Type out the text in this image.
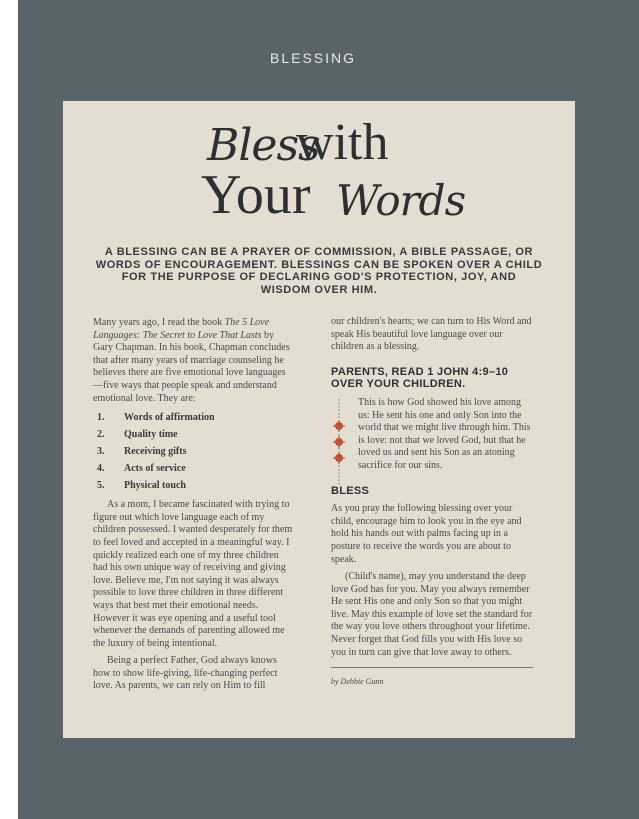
BLESSING
Bless
with
Your Words
A BLESSING CAN BE A PRAYER OF COMMISSION, A BIBLE PASSAGE, OR WORDS OF ENCOURAGEMENT. BLESSINGS CAN BE SPOKEN OVER A CHILD FOR THE PURPOSE OF DECLARING GOD'S PROTECTION, JOY, AND WISDOM OVER HIM.

Many years ago, I read the book The 5 Love Languages: The Secret to Love That Lasts by Gary Chapman. In his book, Chapman concludes that after many years of marriage counseling he believes there are five emotional love languages—five ways that people speak and understand emotional love. They are:

1.	Words of affirmation
2.	Quality time
3.	Receiving gifts
4.	Acts of service
5.	Physical touch

As a mom, I became fascinated with trying to figure out which love language each of my children possessed. I wanted desperately for them to feel loved and accepted in a meaningful way. I quickly realized each one of my three children had his own unique way of receiving and giving love. Believe me, I'm not saying it was always possible to love three children in three different ways that best met their emotional needs. However it was eye opening and a useful tool whenever the demands of parenting allowed me the luxury of being intentional.

Being a perfect Father, God always knows how to show life-giving, life-changing perfect love. As parents, we can rely on Him to fill

our children's hearts; we can turn to His Word and speak His beautiful love language over our children as a blessing.

PARENTS, READ 1 JOHN 4:9–10 OVER YOUR CHILDREN.

This is how God showed his love among us: He sent his one and only Son into the world that we might live through him. This is love: not that we loved God, but that he loved us and sent his Son as an atoning sacrifice for our sins.

BLESS

As you pray the following blessing over your child, encourage him to look you in the eye and hold his hands out with palms facing up in a posture to receive the words you are about to speak.

(Child's name), may you understand the deep love God has for you. May you always remember He sent His one and only Son so that you might live. May this example of love set the standard for the way you love others throughout your lifetime. Never forget that God fills you with His love so you in turn can give that love away to others.

by Debbie Gunn
